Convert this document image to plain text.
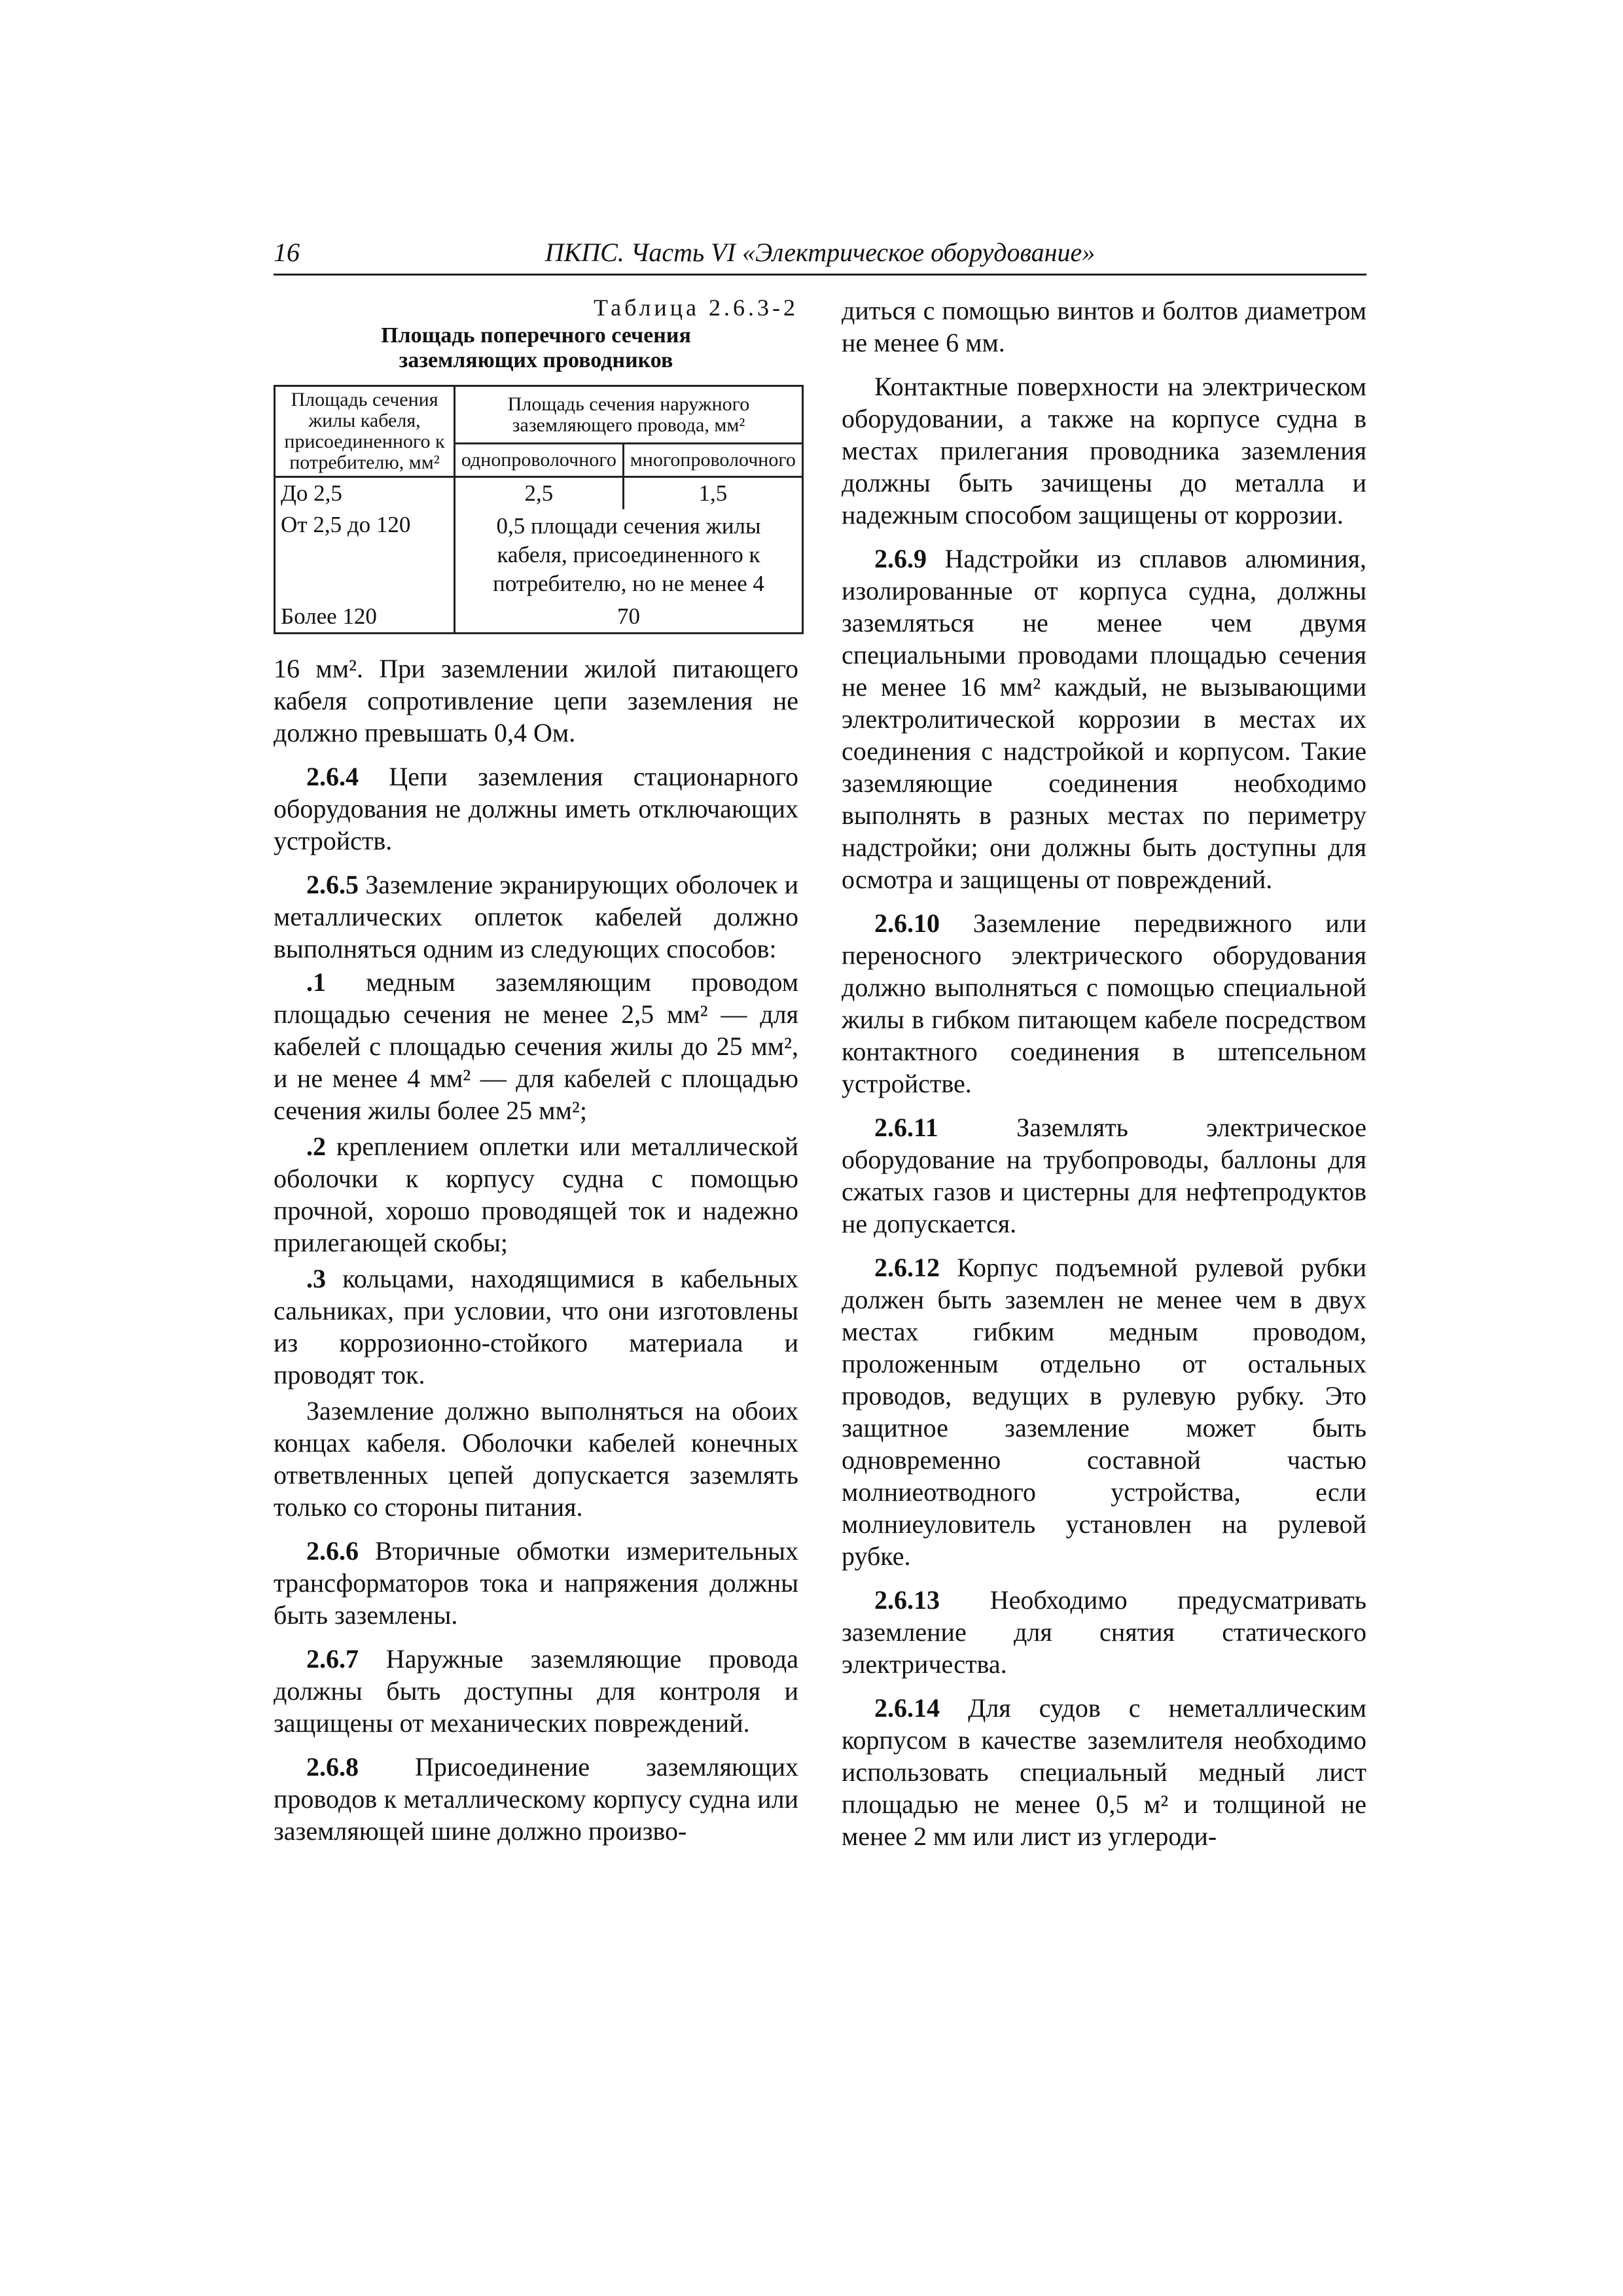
16	ПКПС. Часть VI «Электрическое оборудование»
Таблица 2.6.3-2
Площадь поперечного сечения
заземляющих проводников
Площадь сечения жилы кабеля, присоединенного к потребителю, мм²	Площадь сечения наружного заземляющего провода, мм²	
	однопроволочного	многопроволочного
До 2,5	2,5	1,5
От 2,5 до 120	0,5 площади сечения жилы кабеля, присоединенного к потребителю, но не менее 4	
Более 120	70	

16 мм². При заземлении жилой питающего кабеля сопротивление цепи заземления не должно превышать 0,4 Ом.

2.6.4 Цепи заземления стационарного оборудования не должны иметь отключающих устройств.

2.6.5 Заземление экранирующих оболочек и металлических оплеток кабелей должно выполняться одним из следующих способов:

.1 медным заземляющим проводом площадью сечения не менее 2,5 мм² — для кабелей с площадью сечения жилы до 25 мм², и не менее 4 мм² — для кабелей с площадью сечения жилы более 25 мм²;

.2 креплением оплетки или металлической оболочки к корпусу судна с помощью прочной, хорошо проводящей ток и надежно прилегающей скобы;

.3 кольцами, находящимися в кабельных сальниках, при условии, что они изготовлены из коррозионно-стойкого материала и проводят ток.

Заземление должно выполняться на обоих концах кабеля. Оболочки кабелей конечных ответвленных цепей допускается заземлять только со стороны питания.

2.6.6 Вторичные обмотки измерительных трансформаторов тока и напряжения должны быть заземлены.

2.6.7 Наружные заземляющие провода должны быть доступны для контроля и защищены от механических повреждений.

2.6.8 Присоединение заземляющих проводов к металлическому корпусу судна или заземляющей шине должно произво-

диться с помощью винтов и болтов диаметром не менее 6 мм.

Контактные поверхности на электрическом оборудовании, а также на корпусе судна в местах прилегания проводника заземления должны быть зачищены до металла и надежным способом защищены от коррозии.

2.6.9 Надстройки из сплавов алюминия, изолированные от корпуса судна, должны заземляться не менее чем двумя специальными проводами площадью сечения не менее 16 мм² каждый, не вызывающими электролитической коррозии в местах их соединения с надстройкой и корпусом. Такие заземляющие соединения необходимо выполнять в разных местах по периметру надстройки; они должны быть доступны для осмотра и защищены от повреждений.

2.6.10 Заземление передвижного или переносного электрического оборудования должно выполняться с помощью специальной жилы в гибком питающем кабеле посредством контактного соединения в штепсельном устройстве.

2.6.11 Заземлять электрическое оборудование на трубопроводы, баллоны для сжатых газов и цистерны для нефтепродуктов не допускается.

2.6.12 Корпус подъемной рулевой рубки должен быть заземлен не менее чем в двух местах гибким медным проводом, проложенным отдельно от остальных проводов, ведущих в рулевую рубку. Это защитное заземление может быть одновременно составной частью молниеотводного устройства, если молниеуловитель установлен на рулевой рубке.

2.6.13 Необходимо предусматривать заземление для снятия статического электричества.

2.6.14 Для судов с неметаллическим корпусом в качестве заземлителя необходимо использовать специальный медный лист площадью не менее 0,5 м² и толщиной не менее 2 мм или лист из углероди-
